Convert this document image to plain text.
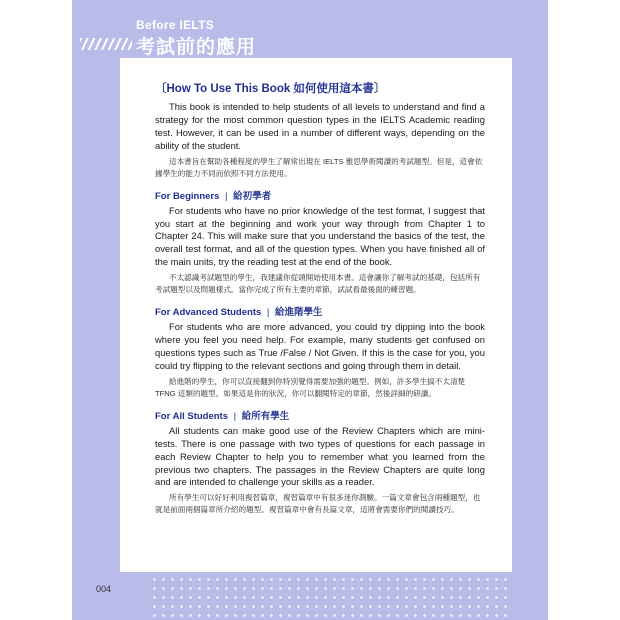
Before IELTS
考試前的應用
〔How To Use This Book 如何使用這本書〕

This book is intended to help students of all levels to understand and find a strategy for the most common question types in the IELTS Academic reading test. However, it can be used in a number of different ways, depending on the ability of the student.

這本書旨在幫助各種程度的學生了解常出現在 IELTS 雅思學術閱讀的考試題型。但是，這會依據學生的能力不同而依照不同方法使用。

For Beginners | 給初學者

For students who have no prior knowledge of the test format, I suggest that you start at the beginning and work your way through from Chapter 1 to Chapter 24. This will make sure that you understand the basics of the test, the overall test format, and all of the question types. When you have finished all of the main units, try the reading test at the end of the book.

不太認識考試題型的學生，我建議你從頭開始使用本書。這會讓你了解考試的基礎，包括所有考試題型以及問題樣式。當你完成了所有主要的章節，試試看最後面的練習題。

For Advanced Students | 給進階學生

For students who are more advanced, you could try dipping into the book where you feel you need help. For example, many students get confused on questions types such as True /False / Not Given. If this is the case for you, you could try flipping to the relevant sections and going through them in detail.

給進階的學生，你可以直接翻到你特別覺得需要加強的題型。例如，許多學生搞不太清楚 TFNG 這類的題型。如果這是你的狀況，你可以翻閱特定的章節，然後詳細的研讀。

For All Students | 給所有學生

All students can make good use of the Review Chapters which are mini-tests. There is one passage with two types of questions for each passage in each Review Chapter to help you to remember what you learned from the previous two chapters. The passages in the Review Chapters are quite long and are intended to challenge your skills as a reader.

所有學生可以好好利用複習篇章，複習篇章中有很多迷你測驗。一篇文章會包含兩種題型，也就是前面兩個篇章所介紹的題型。複習篇章中會有長篇文章，這將會需要你們的閱讀技巧。

004
